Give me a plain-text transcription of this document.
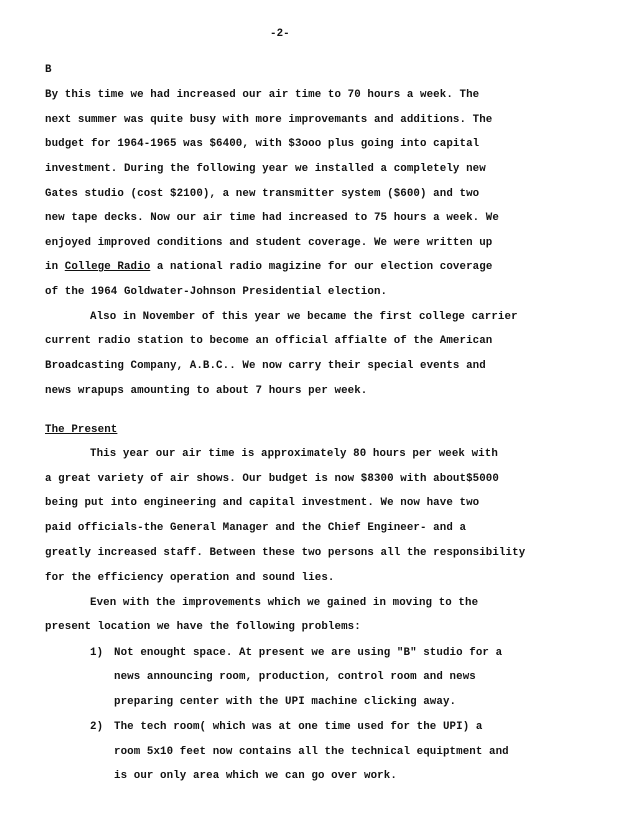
-2-
B
By this time we had increased our air time to 70 hours a week. The
next summer was quite busy with more improvemants and additions. The
budget for 1964-1965 was $6400, with $3ooo plus going into capital
investment. During the following year we installed a completely new
Gates studio (cost $2100), a new transmitter system ($600) and two
new tape decks. Now our air time had increased to 75 hours a week. We
enjoyed improved conditions and student coverage. We were written up
in College Radio a national radio magizine for our election coverage
of the 1964 Goldwater-Johnson Presidential election.
Also in November of this year we became the first college carrier
current radio station to become an official affialte of the American
Broadcasting Company, A.B.C.. We now carry their special events and
news wrapups amounting to about 7 hours per week.
The Present
This year our air time is approximately 80 hours per week with
a great variety of air shows. Our budget is now $8300 with about$5000
being put into engineering and capital investment. We now have two
paid officials-the General Manager and the Chief Engineer- and a
greatly increased staff. Between these two persons all the responsibility
for the efficiency operation and sound lies.
Even with the improvements which we gained in moving to the
present location we have the following problems:
1) Not enought space. At present we are using "B" studio for a
news announcing room, production, control room and news
preparing center with the UPI machine clicking away.
2) The tech room( which was at one time used for the UPI) a
room 5x10 feet now contains all the technical equiptment and
is our only area which we can go over work.
